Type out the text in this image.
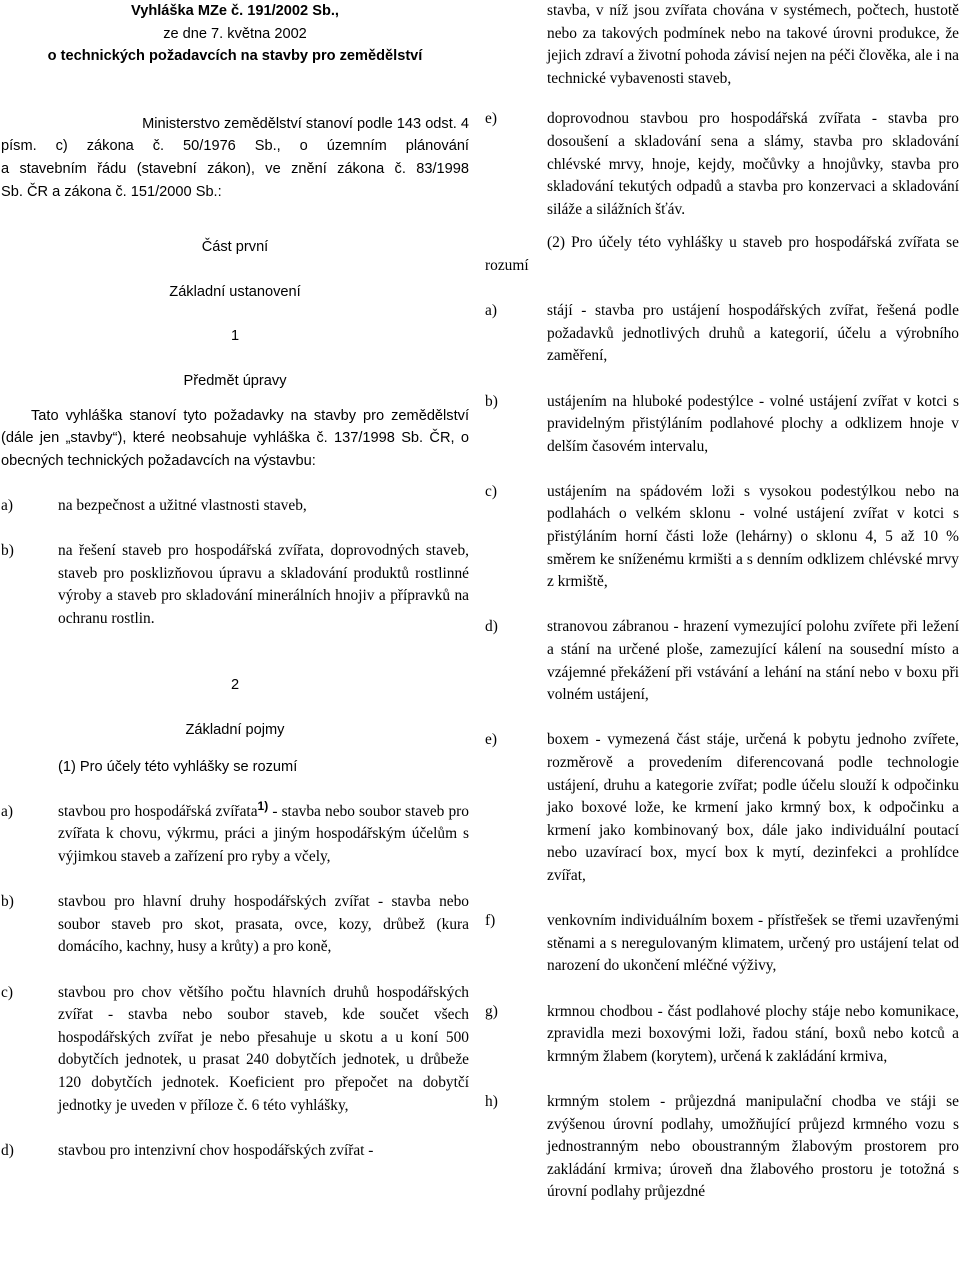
Vyhláška MZe č. 191/2002 Sb.,
ze dne 7. května 2002
o technických požadavcích na stavby pro zemědělství
Ministerstvo zemědělství stanoví podle 143 odst. 4
písm. c) zákona č. 50/1976 Sb., o územním plánování
a stavebním řádu (stavební zákon), ve znění zákona č. 83/1998
Sb. ČR a zákona č. 151/2000 Sb.:
Část první
Základní ustanovení
1
Předmět úpravy
Tato vyhláška stanoví tyto požadavky na stavby pro zemědělství (dále jen „stavby“), které neobsahuje vyhláška č. 137/1998 Sb. ČR, o obecných technických požadavcích na výstavbu:
a)	na bezpečnost a užitné vlastnosti staveb,
b)	na řešení staveb pro hospodářská zvířata, doprovodných staveb, staveb pro posklizňovou úpravu a skladování produktů rostlinné výroby a staveb pro skladování minerálních hnojiv a přípravků na ochranu rostlin.
2
Základní pojmy
(1) Pro účely této vyhlášky se rozumí
a)	stavbou pro hospodářská zvířata$^{1)}$ - stavba nebo soubor staveb pro zvířata k chovu, výkrmu, práci a jiným hospodářským účelům s výjimkou staveb a zařízení pro ryby a včely,
b)	stavbou pro hlavní druhy hospodářských zvířat - stavba nebo soubor staveb pro skot, prasata, ovce, kozy, drůbež (kura domácího, kachny, husy a krůty) a pro koně,
c)	stavbou pro chov většího počtu hlavních druhů hospodářských zvířat - stavba nebo soubor staveb, kde součet všech hospodářských zvířat je nebo přesahuje u skotu a u koní 500 dobytčích jednotek, u prasat 240 dobytčích jednotek, u drůbeže 120 dobytčích jednotek. Koeficient pro přepočet na dobytčí jednotky je uveden v příloze č. 6 této vyhlášky,
d)	stavbou pro intenzivní chov hospodářských zvířat -
stavba, v níž jsou zvířata chována v systémech, počtech, hustotě nebo za takových podmínek nebo na takové úrovni produkce, že jejich zdraví a životní pohoda závisí nejen na péči člověka, ale i na technické vybavenosti staveb,
e)	doprovodnou stavbou pro hospodářská zvířata - stavba pro dosoušení a skladování sena a slámy, stavba pro skladování chlévské mrvy, hnoje, kejdy, močůvky a hnojůvky, stavba pro skladování tekutých odpadů a stavba pro konzervaci a skladování siláže a silážních šťáv.
(2) Pro účely této vyhlášky u staveb pro hospodářská zvířata se rozumí
a)	stájí - stavba pro ustájení hospodářských zvířat, řešená podle požadavků jednotlivých druhů a kategorií, účelu a výrobního zaměření,
b)	ustájením na hluboké podestýlce - volné ustájení zvířat v kotci s pravidelným přistýláním podlahové plochy a odklizem hnoje v delším časovém intervalu,
c)	ustájením na spádovém loži s vysokou podestýlkou nebo na podlahách o velkém sklonu - volné ustájení zvířat v kotci s přistýláním horní části lože (lehárny) o sklonu 4, 5 až 10 % směrem ke sníženému krmišti a s denním odklizem chlévské mrvy z krmiště,
d)	stranovou zábranou - hrazení vymezující polohu zvířete při ležení a stání na určené ploše, zamezující kálení na sousední místo a vzájemné překážení při vstávání a lehání na stání nebo v boxu při volném ustájení,
e)	boxem - vymezená část stáje, určená k pobytu jednoho zvířete, rozměrově a provedením diferencovaná podle technologie ustájení, druhu a kategorie zvířat; podle účelu slouží k odpočinku jako boxové lože, ke krmení jako krmný box, k odpočinku a krmení jako kombinovaný box, dále jako individuální poutací nebo uzavírací box, mycí box k mytí, dezinfekci a prohlídce zvířat,
f)	venkovním individuálním boxem - přístřešek se třemi uzavřenými stěnami a s neregulovaným klimatem, určený pro ustájení telat od narození do ukončení mléčné výživy,
g)	krmnou chodbou - část podlahové plochy stáje nebo komunikace, zpravidla mezi boxovými loži, řadou stání, boxů nebo kotců a krmným žlabem (korytem), určená k zakládání krmiva,
h)	krmným stolem - průjezdná manipulační chodba ve stáji se zvýšenou úrovní podlahy, umožňující průjezd krmného vozu s jednostranným nebo oboustranným žlabovým prostorem pro zakládání krmiva; úroveň dna žlabového prostoru je totožná s úrovní podlahy průjezdné
